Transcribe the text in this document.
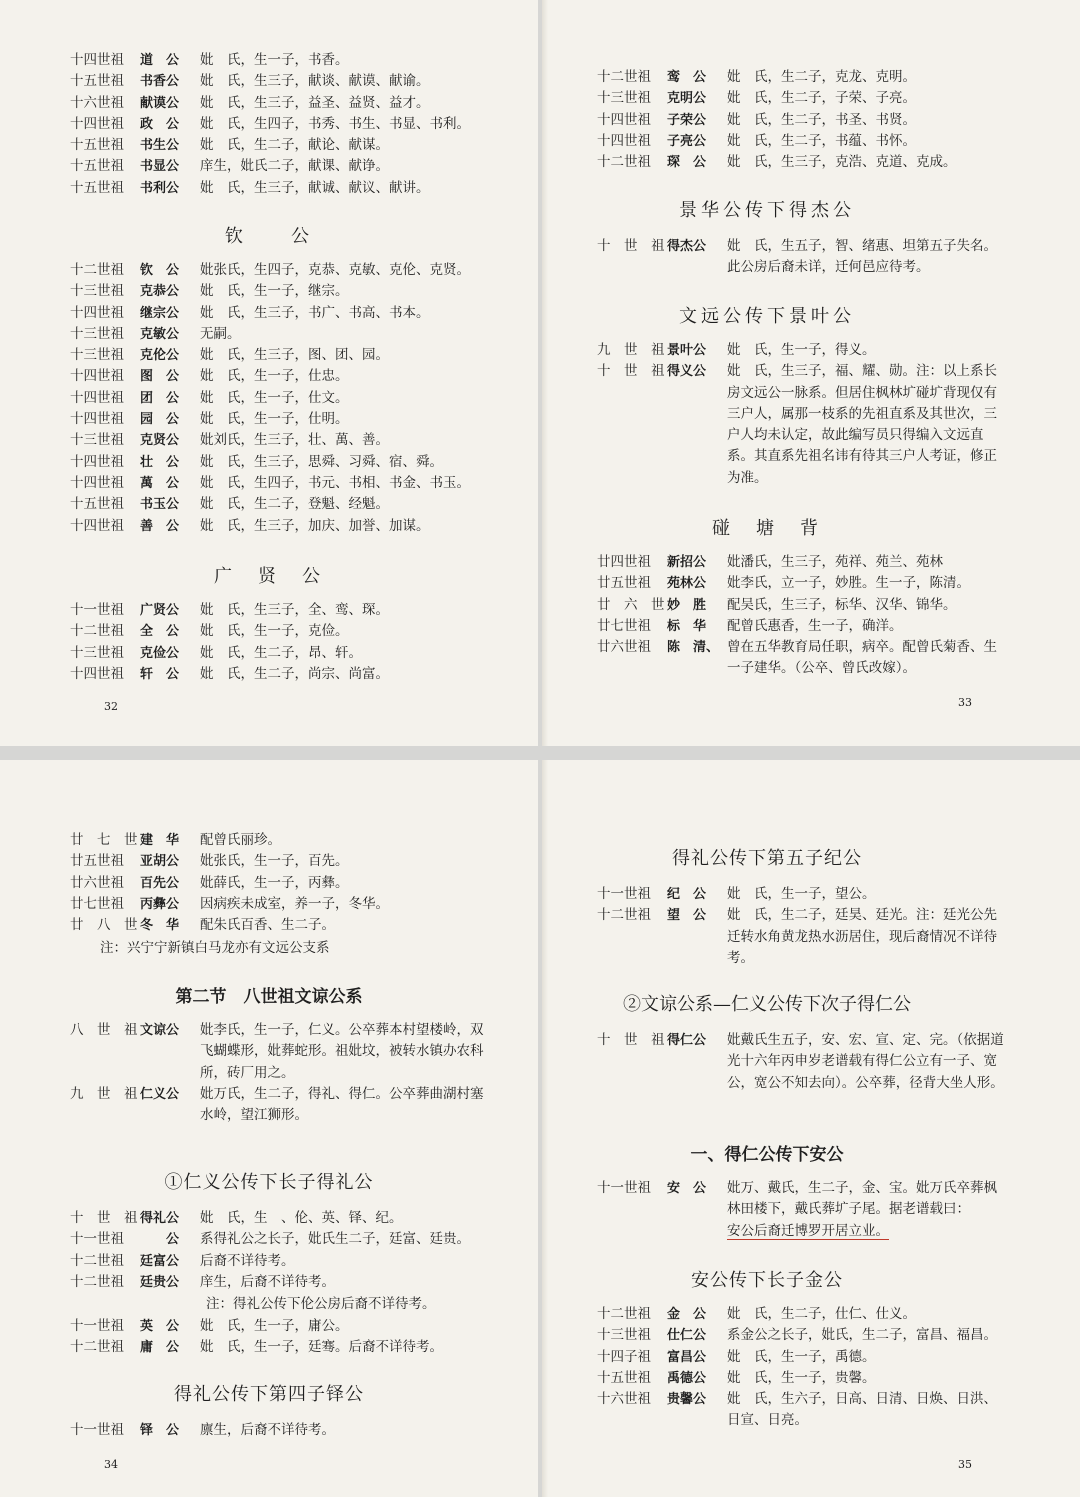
十四世祖	道　公	妣　氏，生一子，书香。
十五世祖	书香公	妣　氏，生三子，献谈、献谟、献谕。
十六世祖	献谟公	妣　氏，生三子，益圣、益贤、益才。
十四世祖	政　公	妣　氏，生四子，书秀、书生、书显、书利。
十五世祖	书生公	妣　氏，生二子，献论、献谋。
十五世祖	书显公	庠生，妣氏二子，献课、献诤。
十五世祖	书利公	妣　氏，生三子，献诚、献议、献讲。
钦　　公
十二世祖	钦　公	妣张氏，生四子，克恭、克敏、克伦、克贤。
十三世祖	克恭公	妣　氏，生一子，继宗。
十四世祖	继宗公	妣　氏，生三子，书广、书高、书本。
十三世祖	克敏公	无嗣。
十三世祖	克伦公	妣　氏，生三子，图、团、园。
十四世祖	图　公	妣　氏，生一子，仕忠。
十四世祖	团　公	妣　氏，生一子，仕文。
十四世祖	园　公	妣　氏，生一子，仕明。
十三世祖	克贤公	妣刘氏，生三子，壮、萬、善。
十四世祖	壮　公	妣　氏，生三子，思舜、习舜、宿、舜。
十四世祖	萬　公	妣　氏，生四子，书元、书相、书金、书玉。
十五世祖	书玉公	妣　氏，生二子，登魁、经魁。
十四世祖	善　公	妣　氏，生三子，加庆、加誉、加谋。
广　贤　公
十一世祖	广贤公	妣　氏，生三子，全、鸾、琛。
十二世祖	全　公	妣　氏，生一子，克俭。
十三世祖	克俭公	妣　氏，生二子，昂、轩。
十四世祖	轩　公	妣　氏，生二子，尚宗、尚富。
32
十二世祖	鸾　公	妣　氏，生二子，克龙、克明。
十三世祖	克明公	妣　氏，生二子，子荣、子亮。
十四世祖	子荣公	妣　氏，生二子，书圣、书贤。
十四世祖	子亮公	妣　氏，生二子，书蕴、书怀。
十二世祖	琛　公	妣　氏，生三子，克浩、克道、克成。
景华公传下得杰公
十　世　祖 得杰公	妣　氏，生五子，智、绪惠、坦第五子失名。此公房后裔未详，迁何邑应待考。
文远公传下景叶公
九　世　祖 景叶公	妣　氏，生一子，得义。
十　世　祖 得义公	妣　氏，生三子，福、耀、勋。注：以上系长房文远公一脉系。但居住枫林圹碰圹背现仅有三户人，属那一枝系的先祖直系及其世次，三户人均未认定，故此编写员只得编入文远直系。其直系先祖名讳有待其三户人考证，修正为准。
碰　塘　背
廿四世祖	新招公	妣潘氏，生三子，苑祥、苑兰、苑林
廿五世祖	苑林公	妣李氏，立一子，妙胜。生一子，陈清。
廿　六　世 妙　胜	配吴氏，生三子，标华、汉华、锦华。
廿七世祖	标　华	配曾氏惠香，生一子，确洋。
廿六世祖	陈　清、 曾在五华教育局任职，病卒。配曾氏菊香、生一子建华。（公卒、曾氏改嫁）。
33
廿　七　世 建　华	配曾氏丽珍。
廿五世祖	亚胡公	妣张氏，生一子，百先。
廿六世祖	百先公	妣薛氏，生一子，丙彝。
廿七世祖	丙彝公	因病疾未成室，养一子，冬华。
廿　八　世 冬　华	配朱氏百香、生二子。
注：兴宁宁新镇白马龙亦有文远公支系
第二节　八世祖文谅公系
八　世　祖 文谅公	妣李氏，生一子，仁义。公卒葬本村望楼岭，双飞蝴蝶形，妣葬蛇形。祖妣坟，被转水镇办农科所，砖厂用之。
九　世　祖 仁义公	妣万氏，生二子，得礼、得仁。公卒葬曲湖村塞水岭，望江狮形。
①仁义公传下长子得礼公
十　世　祖 得礼公	妣　氏，生　、伦、英、铎、纪。
十一世祖	　　公	系得礼公之长子，妣氏生二子，廷富、廷贵。
十二世祖	廷富公	后裔不详待考。
十二世祖	廷贵公	庠生，后裔不详待考。
注：得礼公传下伦公房后裔不详待考。
十一世祖	英　公	妣　氏，生一子，庸公。
十二世祖	庸　公	妣　氏，生一子，廷骞。后裔不详待考。
得礼公传下第四子铎公
十一世祖	铎　公	廪生，后裔不详待考。
34
得礼公传下第五子纪公
十一世祖	纪　公	妣　氏，生一子，望公。
十二世祖	望　公	妣　氏，生二子，廷昊、廷光。注：廷光公先迁转水角黄龙热水沥居住，现后裔情况不详待考。
②文谅公系—仁义公传下次子得仁公
十　世　祖 得仁公	妣戴氏生五子，安、宏、宣、定、完。（依据道光十六年丙申岁老谱载有得仁公立有一子、宽公，宽公不知去向）。公卒葬，径背大坐人形。
一、得仁公传下安公
十一世祖	安　公	妣万、戴氏，生二子，金、宝。妣万氏卒葬枫林田楼下，戴氏葬圹子尾。据老谱载曰：
安公后裔迁博罗开居立业。
安公传下长子金公
十二世祖	金　公	妣　氏，生二子，仕仁、仕义。
十三世祖	仕仁公	系金公之长子，妣氏，生二子，富昌、福昌。
十四子祖	富昌公	妣　氏，生一子，禹德。
十五世祖	禹德公	妣　氏，生一子，贵馨。
十六世祖	贵馨公	妣　氏，生六子，日高、日清、日焕、日洪、日宣、日亮。
35
